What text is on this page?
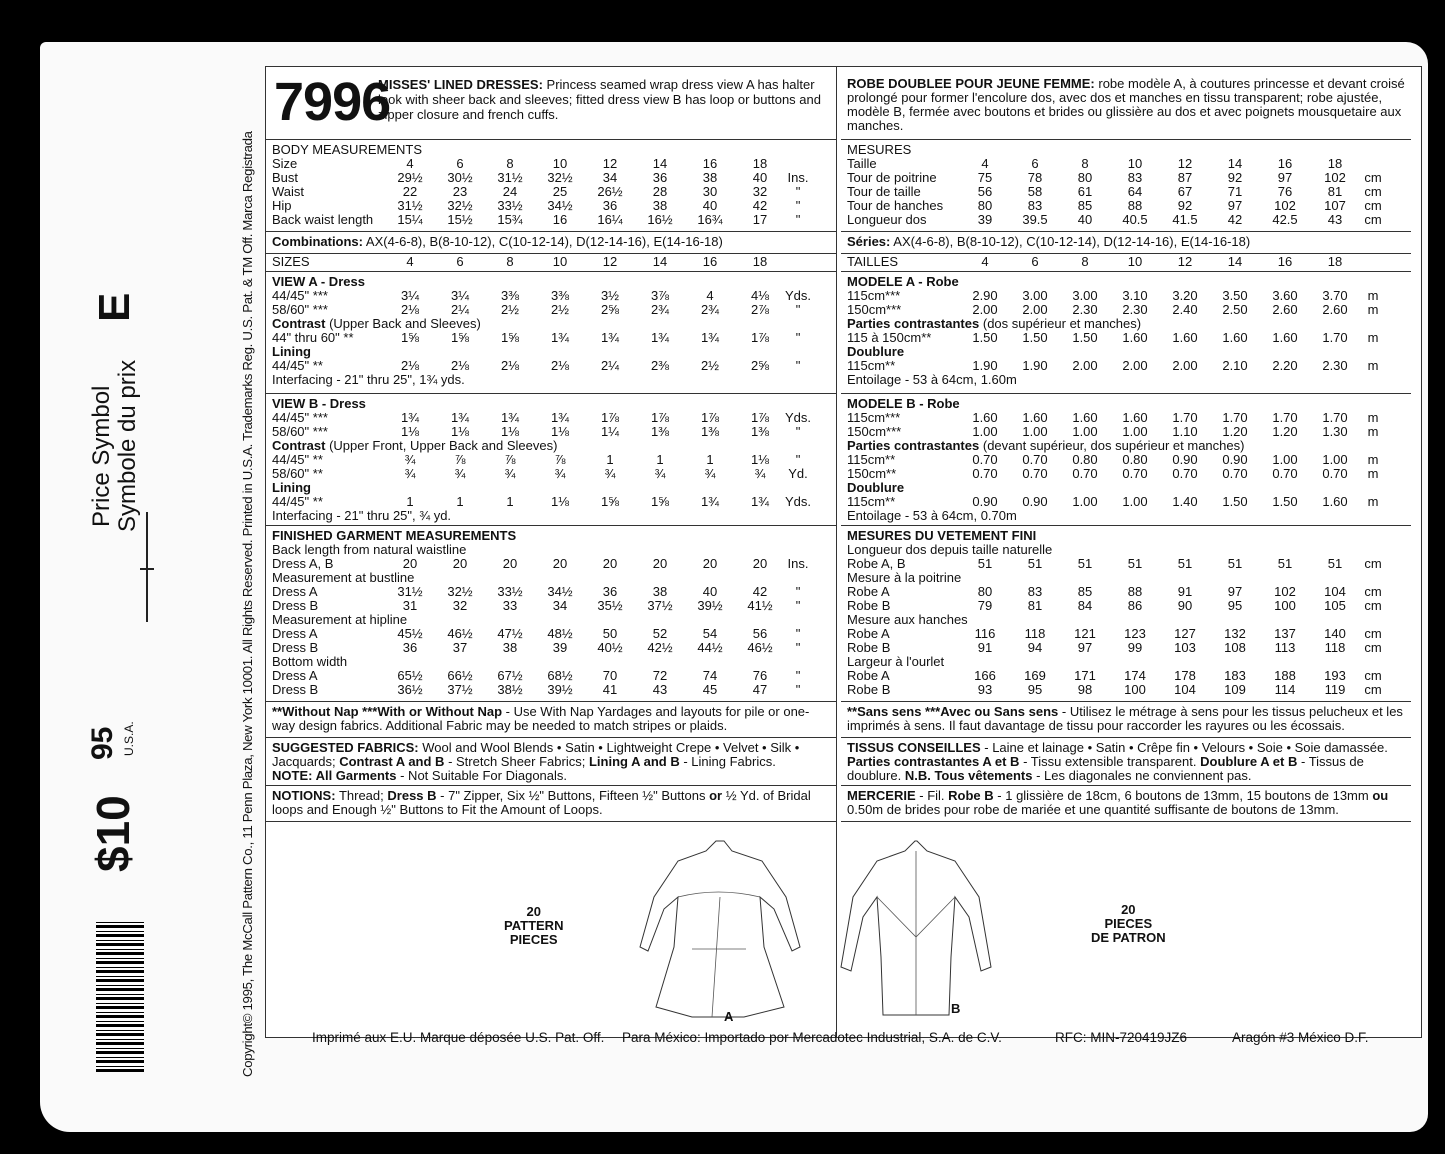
Price Symbol Symbole du prix
E
$10
95 U.S.A.	Copyright© 1995, The McCall Pattern Co., 11 Penn Plaza, New York 10001. All Rights Reserved. Printed in U.S.A. Trademarks Reg. U.S. Pat. & TM Off. Marca Registrada
7996
MISSES' LINED DRESSES: Princess seamed wrap dress view A has halter look with sheer back and sleeves; fitted dress view B has loop or buttons and zipper closure and french cuffs.
BODY MEASUREMENTS
Size	4	6	8	10	12	14	16	18
Bust	29½	30½	31½	32½	34	36	38	40	Ins.
Waist	22	23	24	25	26½	28	30	32	"
Hip	31½	32½	33½	34½	36	38	40	42	"
Back waist length	15¼	15½	15¾	16	16¼	16½	16¾	17	"
Combinations: AX(4-6-8), B(8-10-12), C(10-12-14), D(12-14-16), E(14-16-18)
SIZES	4	6	8	10	12	14	16	18
VIEW A - Dress
44/45" ***	3¼	3¼	3⅜	3⅜	3½	3⅞	4	4⅛	Yds.
58/60" ***	2⅛	2¼	2½	2½	2⅝	2¾	2¾	2⅞	"
Contrast (Upper Back and Sleeves)
44" thru 60" **	1⅝	1⅝	1⅝	1¾	1¾	1¾	1¾	1⅞	"
Lining
44/45" **	2⅛	2⅛	2⅛	2⅛	2¼	2⅜	2½	2⅝	"
Interfacing - 21" thru 25", 1¾ yds.
VIEW B - Dress
44/45" ***	1¾	1¾	1¾	1¾	1⅞	1⅞	1⅞	1⅞	Yds.
58/60" ***	1⅛	1⅛	1⅛	1⅛	1¼	1⅜	1⅜	1⅜	"
Contrast (Upper Front, Upper Back and Sleeves)
44/45" **	¾	⅞	⅞	⅞	1	1	1	1⅛	"
58/60" **	¾	¾	¾	¾	¾	¾	¾	¾	Yd.
Lining
44/45" **	1	1	1	1⅛	1⅝	1⅝	1¾	1¾	Yds.
Interfacing - 21" thru 25", ¾ yd.
FINISHED GARMENT MEASUREMENTS
Back length from natural waistline
Dress A, B	20	20	20	20	20	20	20	20	Ins.
Measurement at bustline
Dress A	31½	32½	33½	34½	36	38	40	42	"
Dress B	31	32	33	34	35½	37½	39½	41½	"
Measurement at hipline
Dress A	45½	46½	47½	48½	50	52	54	56	"
Dress B	36	37	38	39	40½	42½	44½	46½	"
Bottom width
Dress A	65½	66½	67½	68½	70	72	74	76	"
Dress B	36½	37½	38½	39½	41	43	45	47	"
**Without Nap ***With or Without Nap - Use With Nap Yardages and layouts for pile or one-way design fabrics. Additional Fabric may be needed to match stripes or plaids.
SUGGESTED FABRICS: Wool and Wool Blends • Satin • Lightweight Crepe • Velvet • Silk • Jacquards; Contrast A and B - Stretch Sheer Fabrics; Lining A and B - Lining Fabrics.
NOTE: All Garments - Not Suitable For Diagonals.
NOTIONS: Thread; Dress B - 7" Zipper, Six ½" Buttons, Fifteen ½" Buttons or ½ Yd. of Bridal loops and Enough ½" Buttons to Fit the Amount of Loops.
20
PATTERN
PIECES
A
ROBE DOUBLEE POUR JEUNE FEMME: robe modèle A, à coutures princesse et devant croisé prolongé pour former l'encolure dos, avec dos et manches en tissu transparent; robe ajustée, modèle B, fermée avec boutons et brides ou glissière au dos et avec poignets mousquetaire aux manches.
MESURES
Taille	4	6	8	10	12	14	16	18
Tour de poitrine	75	78	80	83	87	92	97	102	cm
Tour de taille	56	58	61	64	67	71	76	81	cm
Tour de hanches	80	83	85	88	92	97	102	107	cm
Longueur dos	39	39.5	40	40.5	41.5	42	42.5	43	cm
Séries: AX(4-6-8), B(8-10-12), C(10-12-14), D(12-14-16), E(14-16-18)
TAILLES	4	6	8	10	12	14	16	18
MODELE A - Robe
115cm***	2.90	3.00	3.00	3.10	3.20	3.50	3.60	3.70	m
150cm***	2.00	2.00	2.30	2.30	2.40	2.50	2.60	2.60	m
Parties contrastantes (dos supérieur et manches)
115 à 150cm**	1.50	1.50	1.50	1.60	1.60	1.60	1.60	1.70	m
Doublure
115cm**	1.90	1.90	2.00	2.00	2.00	2.10	2.20	2.30	m
Entoilage - 53 à 64cm, 1.60m
MODELE B - Robe
115cm***	1.60	1.60	1.60	1.60	1.70	1.70	1.70	1.70	m
150cm***	1.00	1.00	1.00	1.00	1.10	1.20	1.20	1.30	m
Parties contrastantes (devant supérieur, dos supérieur et manches)
115cm**	0.70	0.70	0.80	0.80	0.90	0.90	1.00	1.00	m
150cm**	0.70	0.70	0.70	0.70	0.70	0.70	0.70	0.70	m
Doublure
115cm**	0.90	0.90	1.00	1.00	1.40	1.50	1.50	1.60	m
Entoilage - 53 à 64cm, 0.70m
MESURES DU VETEMENT FINI
Longueur dos depuis taille naturelle
Robe A, B	51	51	51	51	51	51	51	51	cm
Mesure à la poitrine
Robe A	80	83	85	88	91	97	102	104	cm
Robe B	79	81	84	86	90	95	100	105	cm
Mesure aux hanches
Robe A	116	118	121	123	127	132	137	140	cm
Robe B	91	94	97	99	103	108	113	118	cm
Largeur à l'ourlet
Robe A	166	169	171	174	178	183	188	193	cm
Robe B	93	95	98	100	104	109	114	119	cm
**Sans sens ***Avec ou Sans sens - Utilisez le métrage à sens pour les tissus pelucheux et les imprimés à sens. Il faut davantage de tissu pour raccorder les rayures ou les écossais.
TISSUS CONSEILLES - Laine et lainage • Satin • Crêpe fin • Velours • Soie • Soie damassée. Parties contrastantes A et B - Tissu extensible transparent. Doublure A et B - Tissus de doublure. N.B. Tous vêtements - Les diagonales ne conviennent pas.
MERCERIE - Fil. Robe B - 1 glissière de 18cm, 6 boutons de 13mm, 15 boutons de 13mm ou 0.50m de brides pour robe de mariée et une quantité suffisante de boutons de 13mm.
B
20
PIECES
DE PATRON
Imprimé aux E.U. Marque déposée U.S. Pat. Off. Para México: Importado por Mercadotec Industrial, S.A. de C.V.	RFC: MIN-720419JZ6	Aragón #3 México D.F.
